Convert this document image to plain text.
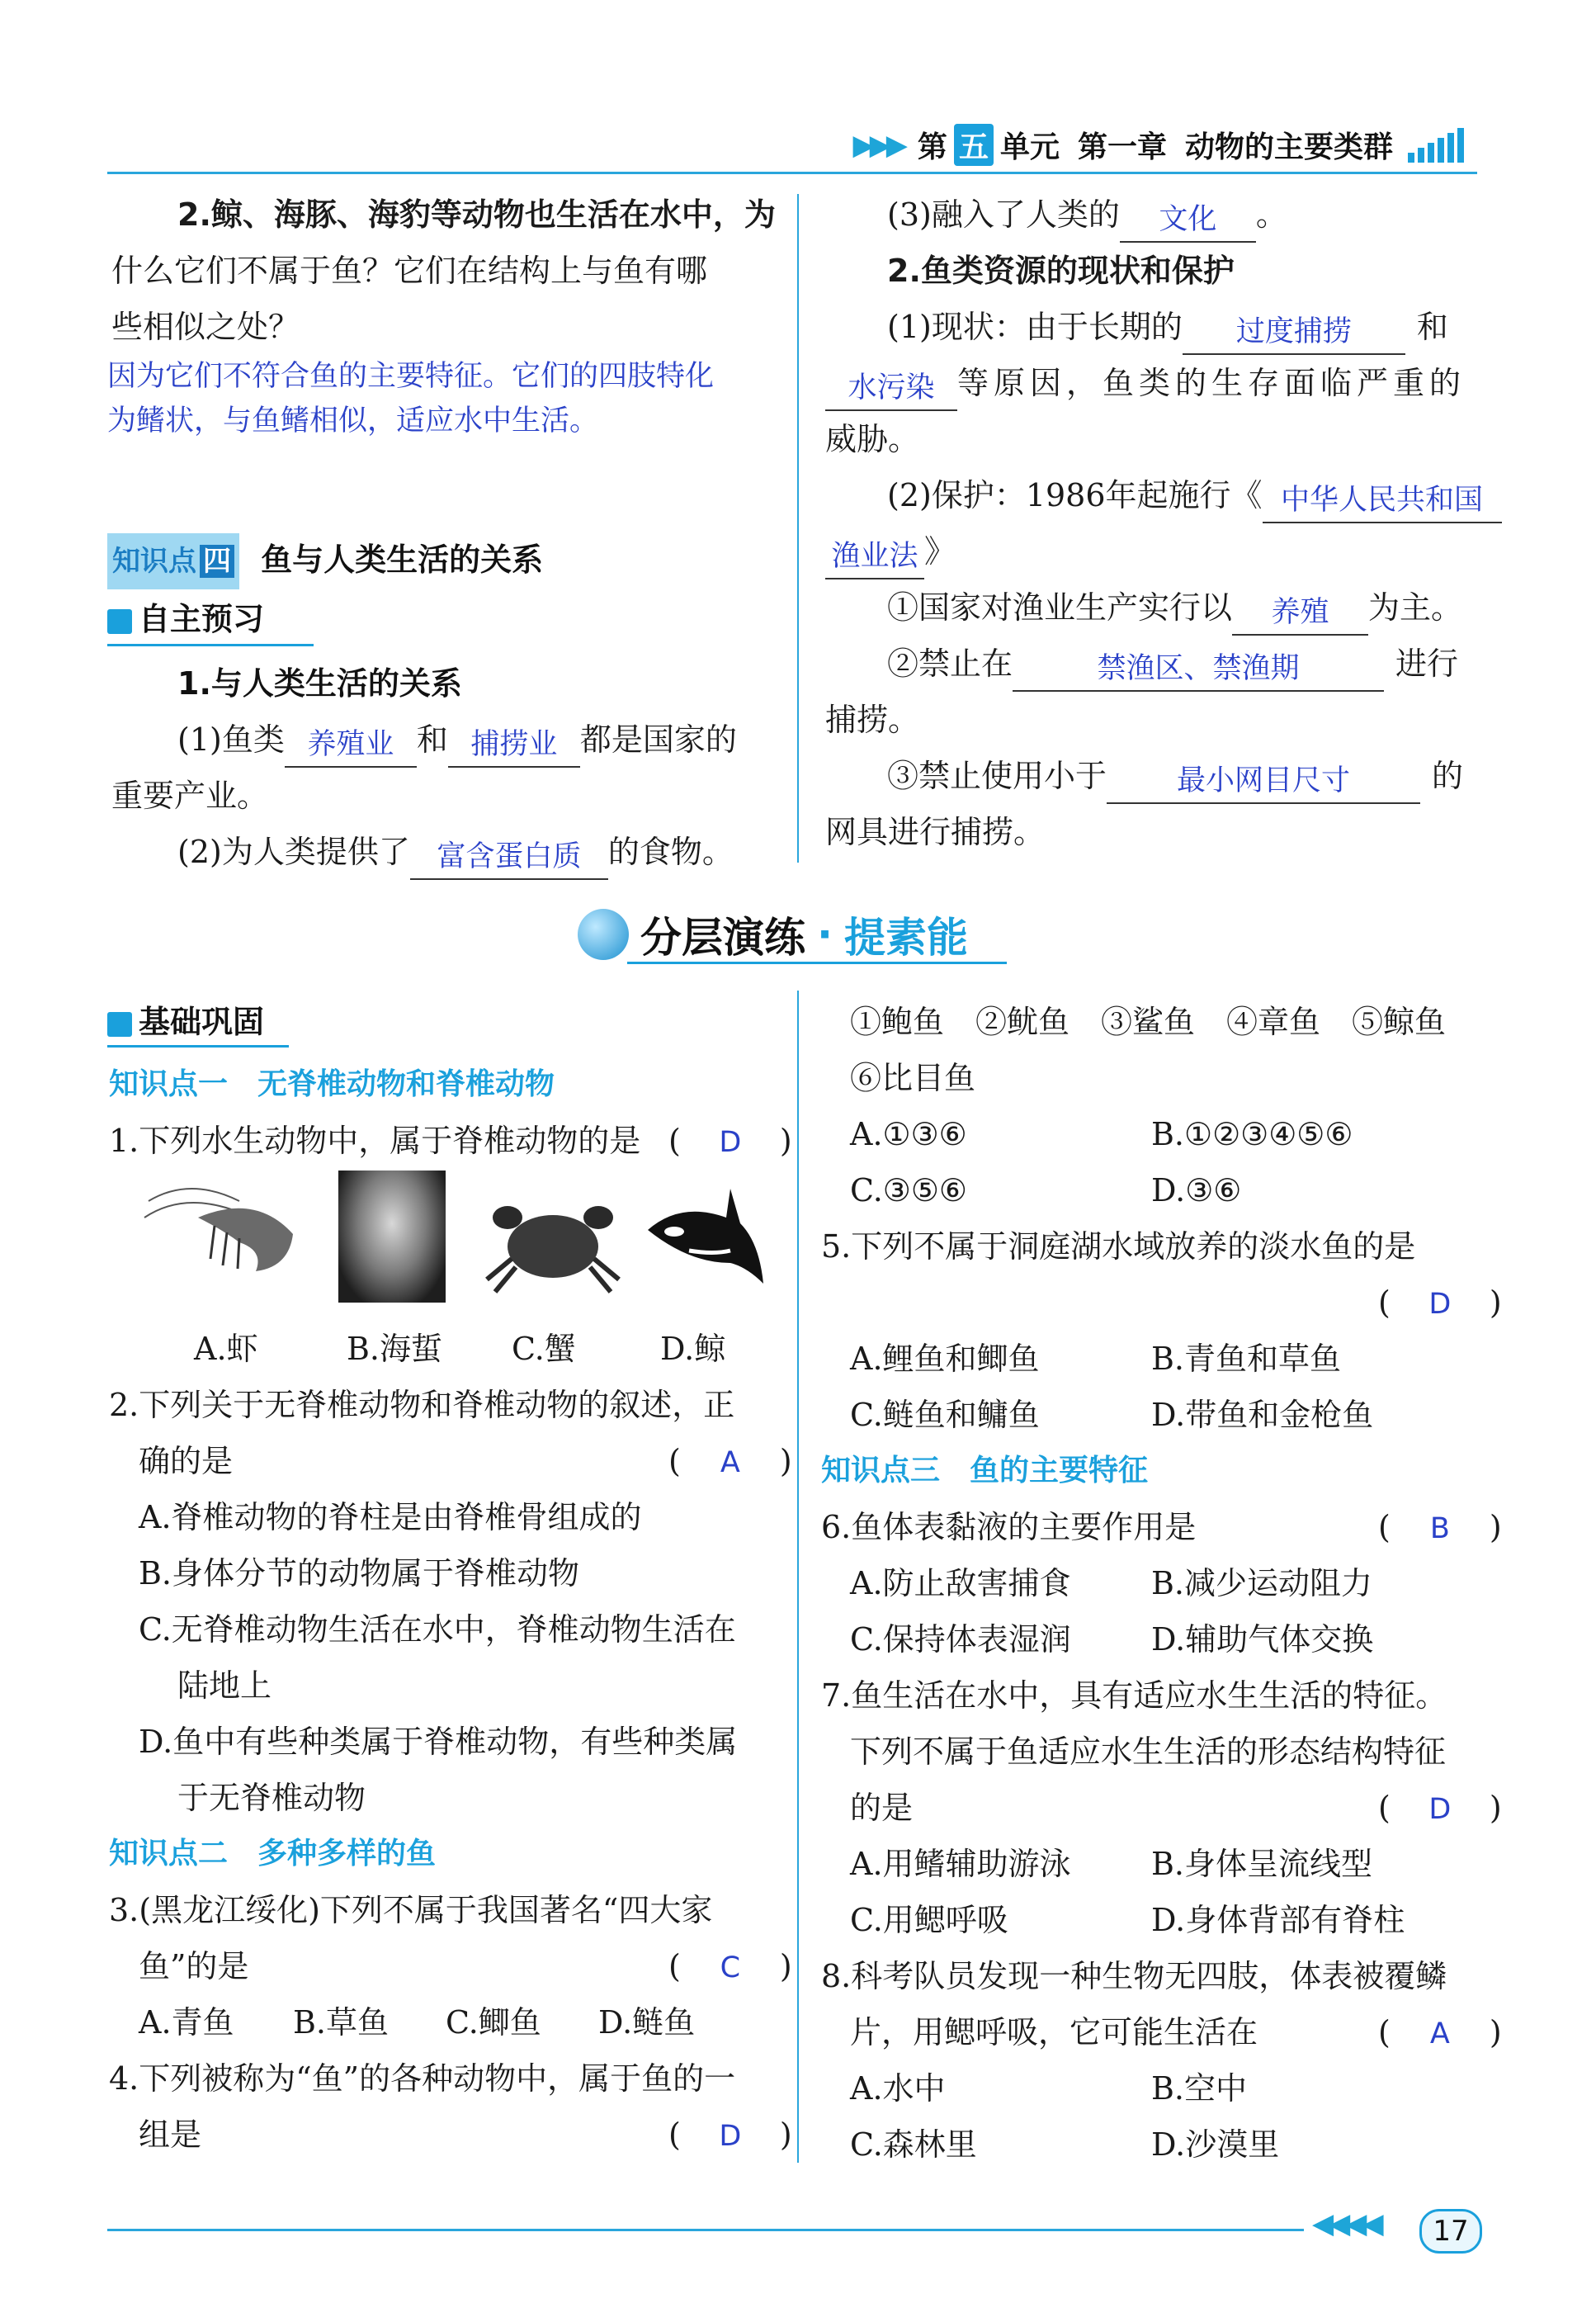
▶▶▶ 第 五 单元 第一章 动物的主要类群
2.鲸、海豚、海豹等动物也生活在水中，为
什么它们不属于鱼？它们在结构上与鱼有哪
些相似之处？
因为它们不符合鱼的主要特征。它们的四肢特化
为鳍状，与鱼鳍相似，适应水中生活。
知识点 四 鱼与人类生活的关系
自主预习
1.与人类生活的关系
(1)鱼类 养殖业 和 捕捞业 都是国家的
重要产业。
(2)为人类提供了 富含蛋白质 的食物。
(3)融入了人类的 文化 。
2.鱼类资源的现状和保护
(1)现状：由于长期的 过度捕捞 和
水污染 等原因，鱼类的生存面临严重的
威胁。
(2)保护：1986年起施行《 中华人民共和国
渔业法 》
①国家对渔业生产实行以 养殖 为主。
②禁止在	禁渔区、禁渔期	进行
捕捞。
③禁止使用小于 最小网目尺寸	的
网具进行捕捞。
分层演练 · 提素能
基础巩固
知识点一　无脊椎动物和脊椎动物
1.下列水生动物中，属于脊椎动物的是 ( D )
A.虾	B.海蜇 C.蟹	D.鲸
2.下列关于无脊椎动物和脊椎动物的叙述，正
确的是	( A )
A.脊椎动物的脊柱是由脊椎骨组成的
B.身体分节的动物属于脊椎动物
C.无脊椎动物生活在水中，脊椎动物生活在
陆地上
D.鱼中有些种类属于脊椎动物，有些种类属
于无脊椎动物
知识点二　多种多样的鱼
3.(黑龙江绥化)下列不属于我国著名“四大家
鱼”的是	( C )
A.青鱼 B.草鱼 C.鲫鱼 D.鲢鱼
4.下列被称为“鱼”的各种动物中，属于鱼的一
组是	( D )
①鲍鱼　②鱿鱼　③鲨鱼　④章鱼　⑤鲸鱼
⑥比目鱼
A.①③⑥	B.①②③④⑤⑥
C.③⑤⑥	D.③⑥
5.下列不属于洞庭湖水域放养的淡水鱼的是
( D )
A.鲤鱼和鲫鱼	B.青鱼和草鱼
C.鲢鱼和鳙鱼	D.带鱼和金枪鱼
知识点三　鱼的主要特征
6.鱼体表黏液的主要作用是	( B )
A.防止敌害捕食	B.减少运动阻力
C.保持体表湿润	D.辅助气体交换
7.鱼生活在水中，具有适应水生生活的特征。
下列不属于鱼适应水生生活的形态结构特征
的是	( D )
A.用鳍辅助游泳	B.身体呈流线型
C.用鳃呼吸	D.身体背部有脊柱
8.科考队员发现一种生物无四肢，体表被覆鳞
片，用鳃呼吸，它可能生活在	( A )
A.水中	B.空中
C.森林里	D.沙漠里
◀◀◀◀	17
